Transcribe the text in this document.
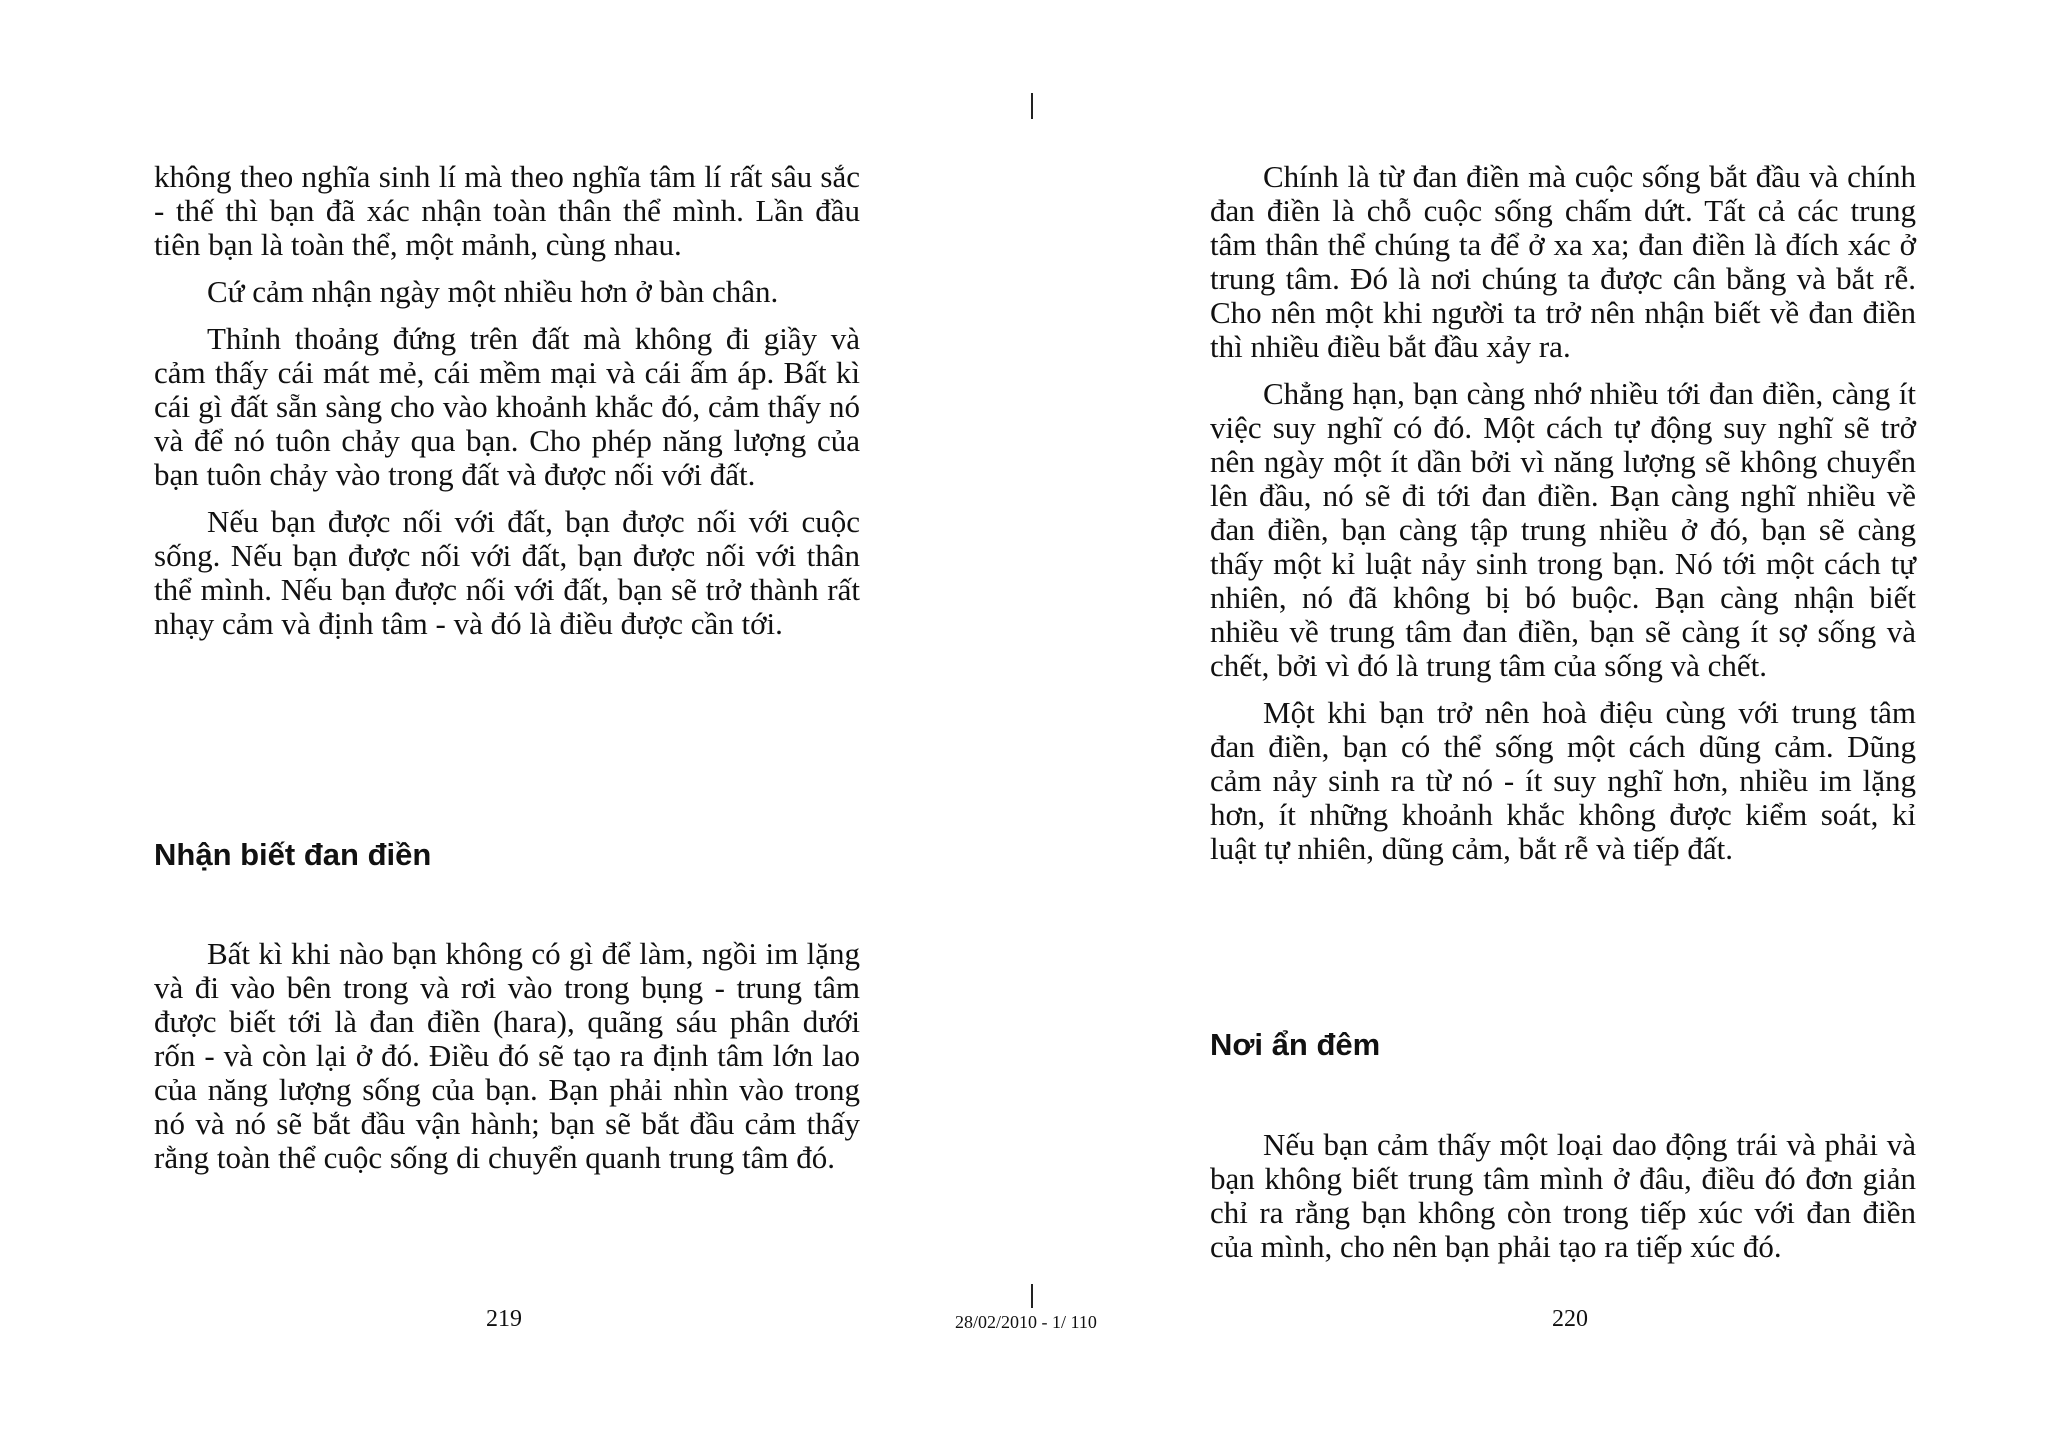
không theo nghĩa sinh lí mà theo nghĩa tâm lí rất sâu sắc - thế thì bạn đã xác nhận toàn thân thể mình. Lần đầu tiên bạn là toàn thể, một mảnh, cùng nhau.

Cứ cảm nhận ngày một nhiều hơn ở bàn chân.

Thỉnh thoảng đứng trên đất mà không đi giầy và cảm thấy cái mát mẻ, cái mềm mại và cái ấm áp. Bất kì cái gì đất sẵn sàng cho vào khoảnh khắc đó, cảm thấy nó và để nó tuôn chảy qua bạn. Cho phép năng lượng của bạn tuôn chảy vào trong đất và được nối với đất.

Nếu bạn được nối với đất, bạn được nối với cuộc sống. Nếu bạn được nối với đất, bạn được nối với thân thể mình. Nếu bạn được nối với đất, bạn sẽ trở thành rất nhạy cảm và định tâm - và đó là điều được cần tới.

Nhận biết đan điền

Bất kì khi nào bạn không có gì để làm, ngồi im lặng và đi vào bên trong và rơi vào trong bụng - trung tâm được biết tới là đan điền (hara), quãng sáu phân dưới rốn - và còn lại ở đó. Điều đó sẽ tạo ra định tâm lớn lao của năng lượng sống của bạn. Bạn phải nhìn vào trong nó và nó sẽ bắt đầu vận hành; bạn sẽ bắt đầu cảm thấy rằng toàn thể cuộc sống di chuyển quanh trung tâm đó.

219

Chính là từ đan điền mà cuộc sống bắt đầu và chính đan điền là chỗ cuộc sống chấm dứt. Tất cả các trung tâm thân thể chúng ta để ở xa xa; đan điền là đích xác ở trung tâm. Đó là nơi chúng ta được cân bằng và bắt rễ. Cho nên một khi người ta trở nên nhận biết về đan điền thì nhiều điều bắt đầu xảy ra.

Chẳng hạn, bạn càng nhớ nhiều tới đan điền, càng ít việc suy nghĩ có đó. Một cách tự động suy nghĩ sẽ trở nên ngày một ít dần bởi vì năng lượng sẽ không chuyển lên đầu, nó sẽ đi tới đan điền. Bạn càng nghĩ nhiều về đan điền, bạn càng tập trung nhiều ở đó, bạn sẽ càng thấy một kỉ luật nảy sinh trong bạn. Nó tới một cách tự nhiên, nó đã không bị bó buộc. Bạn càng nhận biết nhiều về trung tâm đan điền, bạn sẽ càng ít sợ sống và chết, bởi vì đó là trung tâm của sống và chết.

Một khi bạn trở nên hoà điệu cùng với trung tâm đan điền, bạn có thể sống một cách dũng cảm. Dũng cảm nảy sinh ra từ nó - ít suy nghĩ hơn, nhiều im lặng hơn, ít những khoảnh khắc không được kiểm soát, kỉ luật tự nhiên, dũng cảm, bắt rễ và tiếp đất.

Nơi ẩn đêm

Nếu bạn cảm thấy một loại dao động trái và phải và bạn không biết trung tâm mình ở đâu, điều đó đơn giản chỉ ra rằng bạn không còn trong tiếp xúc với đan điền của mình, cho nên bạn phải tạo ra tiếp xúc đó.

220
28/02/2010 - 1/ 110
